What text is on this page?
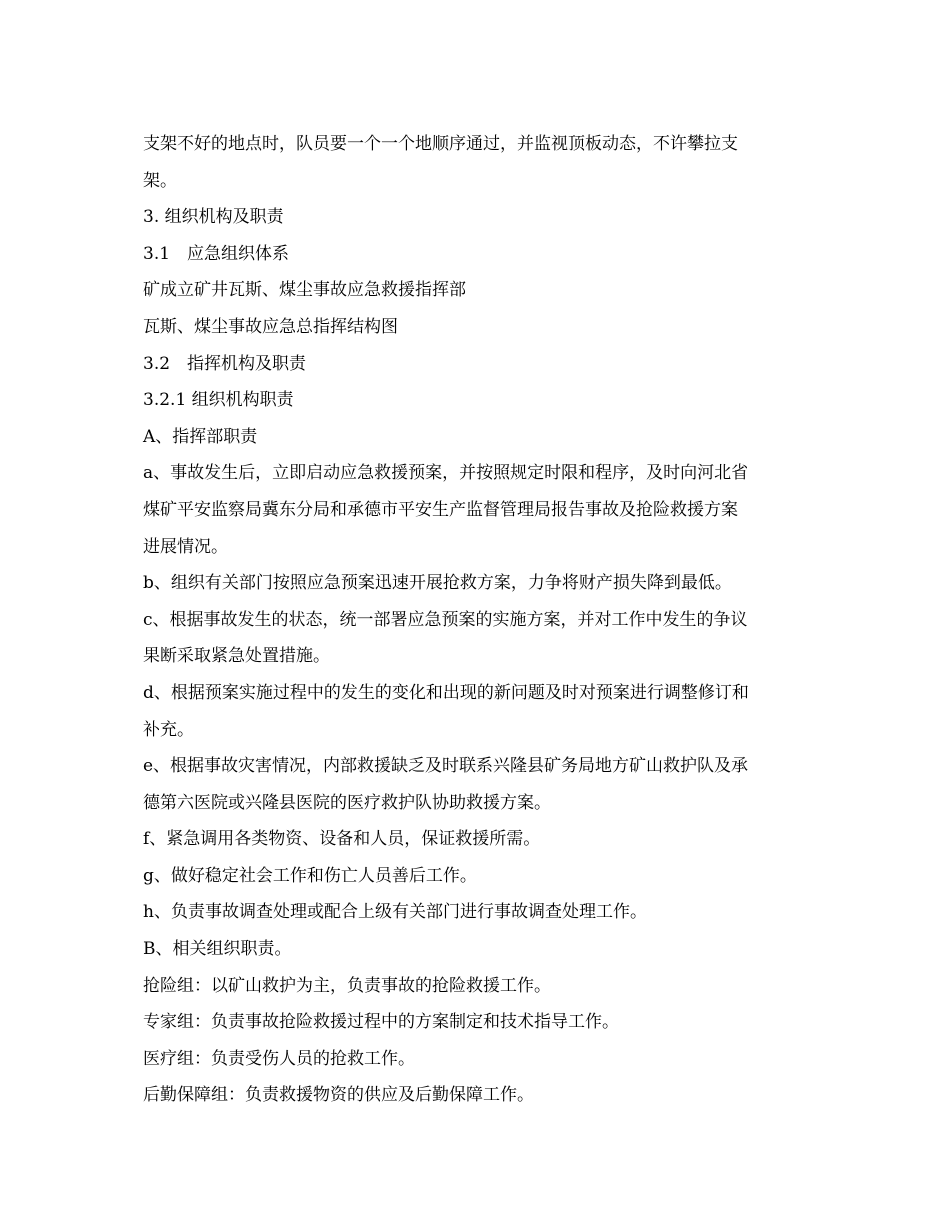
支架不好的地点时，队员要一个一个地顺序通过，并监视顶板动态，不许攀拉支
架。
3. 组织机构及职责
3.1　应急组织体系
矿成立矿井瓦斯、煤尘事故应急救援指挥部
瓦斯、煤尘事故应急总指挥结构图
3.2　指挥机构及职责
3.2.1 组织机构职责
A、指挥部职责
a、事故发生后，立即启动应急救援预案，并按照规定时限和程序，及时向河北省
煤矿平安监察局冀东分局和承德市平安生产监督管理局报告事故及抢险救援方案
进展情况。
b、组织有关部门按照应急预案迅速开展抢救方案，力争将财产损失降到最低。
c、根据事故发生的状态，统一部署应急预案的实施方案，并对工作中发生的争议
果断采取紧急处置措施。
d、根据预案实施过程中的发生的变化和出现的新问题及时对预案进行调整修订和
补充。
e、根据事故灾害情况，内部救援缺乏及时联系兴隆县矿务局地方矿山救护队及承
德第六医院或兴隆县医院的医疗救护队协助救援方案。
f、紧急调用各类物资、设备和人员，保证救援所需。
g、做好稳定社会工作和伤亡人员善后工作。
h、负责事故调查处理或配合上级有关部门进行事故调查处理工作。
B、相关组织职责。
抢险组：以矿山救护为主，负责事故的抢险救援工作。
专家组：负责事故抢险救援过程中的方案制定和技术指导工作。
医疗组：负责受伤人员的抢救工作。
后勤保障组：负责救援物资的供应及后勤保障工作。
